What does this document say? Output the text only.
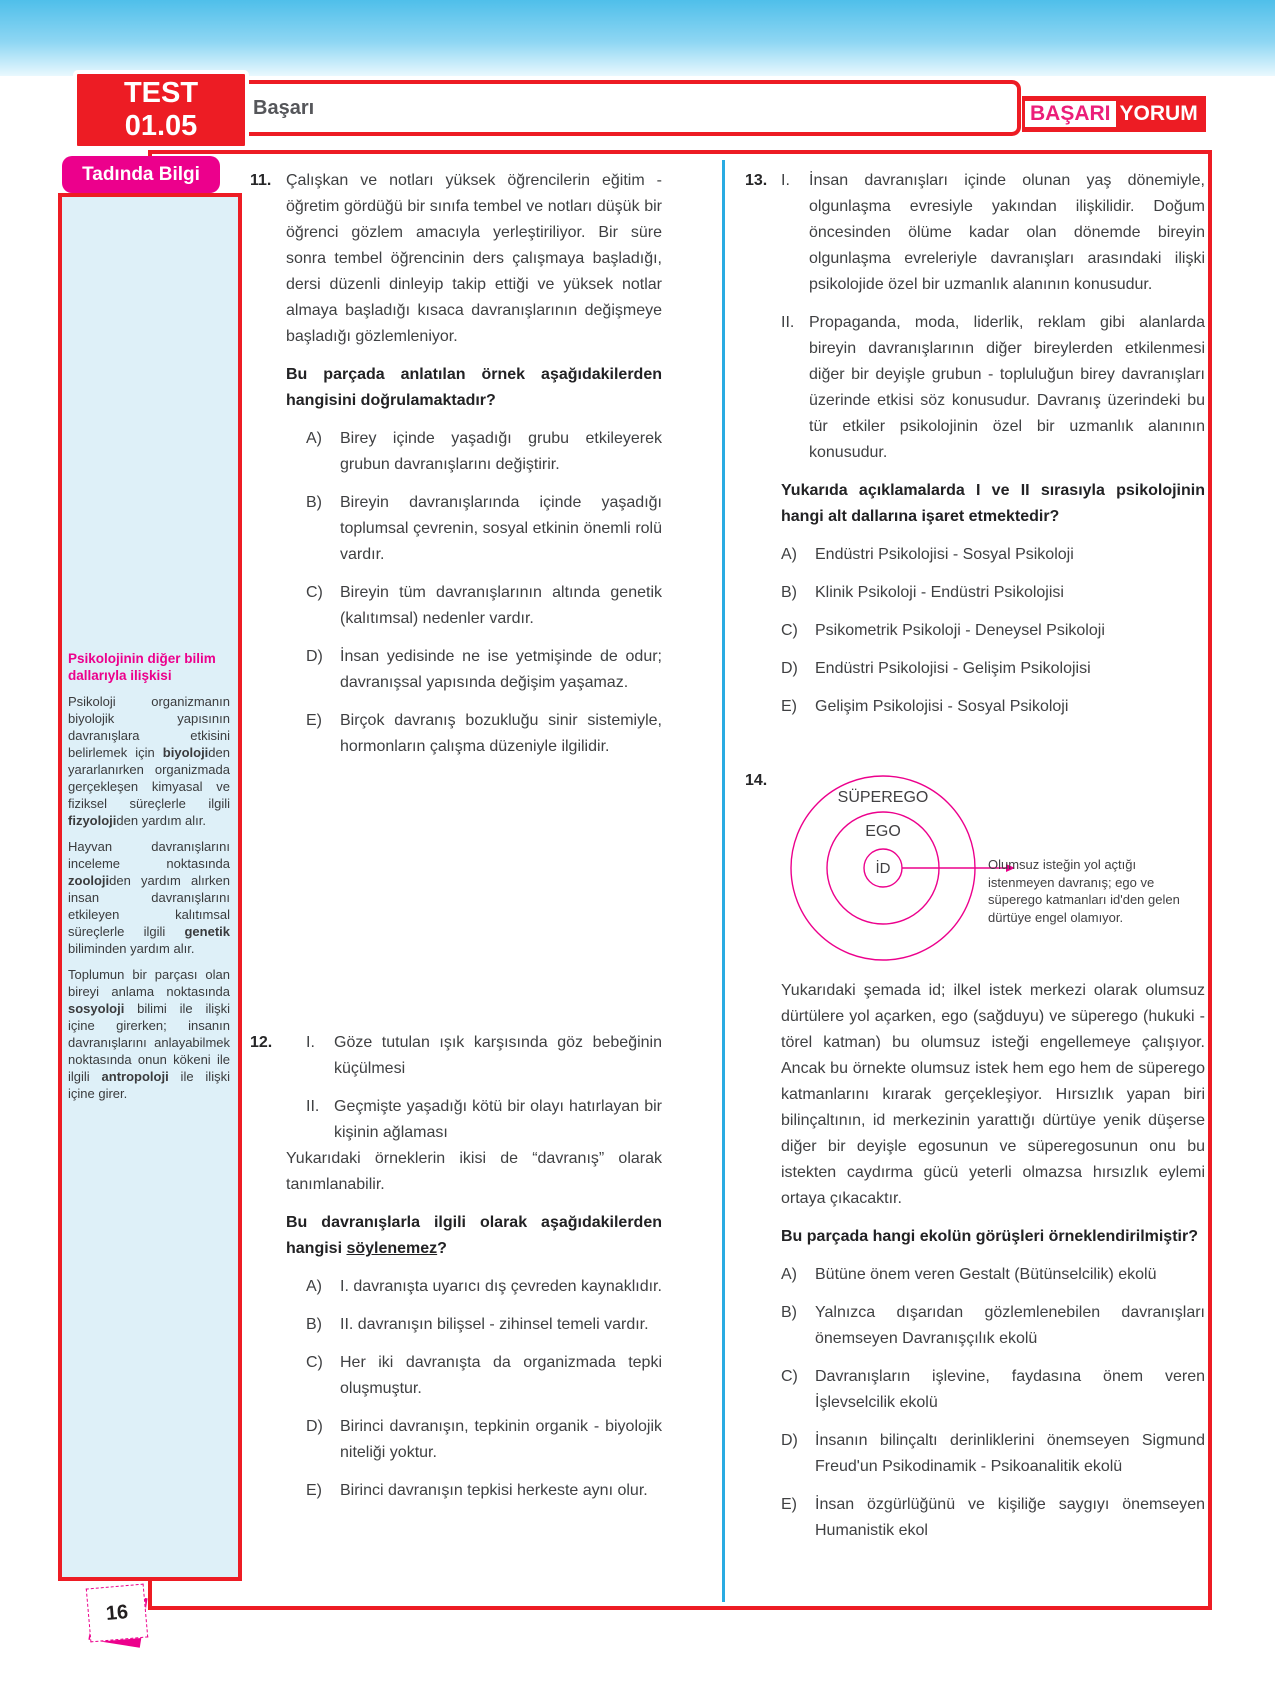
TEST
01.05
Başarı	BAŞARI YORUM
Tadında Bilgi
Psikolojinin diğer bilim dallarıyla ilişkisi

Psikoloji organizmanın biyolojik yapısının davranışlara etkisini belirlemek için biyolojiden yararlanırken organizmada gerçekleşen kimyasal ve fiziksel süreçlerle ilgili fizyolojiden yardım alır.

Hayvan davranışlarını inceleme noktasında zoolojiden yardım alırken insan davranışlarını etkileyen kalıtımsal süreçlerle ilgili genetik biliminden yardım alır.

Toplumun bir parçası olan bireyi anlama noktasında sosyoloji bilimi ile ilişki içine girerken; insanın davranışlarını anlayabilmek noktasında onun kökeni ile ilgili antropoloji ile ilişki içine girer.

11. Çalışkan ve notları yüksek öğrencilerin eğitim - öğretim gördüğü bir sınıfa tembel ve notları düşük bir öğrenci gözlem amacıyla yerleştiriliyor. Bir süre sonra tembel öğrencinin ders çalışmaya başladığı, dersi düzenli dinleyip takip ettiği ve yüksek notlar almaya başladığı kısaca davranışlarının değişmeye başladığı gözlemleniyor.

Bu parçada anlatılan örnek aşağıdakilerden hangisini doğrulamaktadır?

A)	Birey içinde yaşadığı grubu etkileyerek grubun davranışlarını değiştirir.
B)	Bireyin davranışlarında içinde yaşadığı toplumsal çevrenin, sosyal etkinin önemli rolü vardır.
C)	Bireyin tüm davranışlarının altında genetik (kalıtımsal) nedenler vardır.
D)	İnsan yedisinde ne ise yetmişinde de odur; davranışsal yapısında değişim yaşamaz.
E)	Birçok davranış bozukluğu sinir sistemiyle, hormonların çalışma düzeniyle ilgilidir.
12.	I.	Göze tutulan ışık karşısında göz bebeğinin küçülmesi
II. Geçmişte yaşadığı kötü bir olayı hatırlayan bir kişinin ağlaması

Yukarıdaki örneklerin ikisi de “davranış” olarak tanımlanabilir.

Bu davranışlarla ilgili olarak aşağıdakilerden hangisi söylenemez?

A)	I. davranışta uyarıcı dış çevreden kaynaklıdır.
B)	II. davranışın bilişsel - zihinsel temeli vardır.
C)	Her iki davranışta da organizmada tepki oluşmuştur.
D)	Birinci davranışın, tepkinin organik - biyolojik niteliği yoktur.
E)	Birinci davranışın tepkisi herkeste aynı olur.
13. I.	İnsan davranışları içinde olunan yaş dönemiyle, olgunlaşma evresiyle yakından ilişkilidir. Doğum öncesinden ölüme kadar olan dönemde bireyin olgunlaşma evreleriyle davranışları arasındaki ilişki psikolojide özel bir uzmanlık alanının konusudur.
II. Propaganda, moda, liderlik, reklam gibi alanlarda bireyin davranışlarının diğer bireylerden etkilenmesi diğer bir deyişle grubun - topluluğun birey davranışları üzerinde etkisi söz konusudur. Davranış üzerindeki bu tür etkiler psikolojinin özel bir uzmanlık alanının konusudur.

Yukarıda açıklamalarda I ve II sırasıyla psikolojinin hangi alt dallarına işaret etmektedir?

A)	Endüstri Psikolojisi - Sosyal Psikoloji
B)	Klinik Psikoloji - Endüstri Psikolojisi
C)	Psikometrik Psikoloji - Deneysel Psikoloji
D)	Endüstri Psikolojisi - Gelişim Psikolojisi
E)	Gelişim Psikolojisi - Sosyal Psikoloji
14.
SÜPEREGO
EGO
İD

Yukarıdaki şemada id; ilkel istek merkezi olarak olumsuz dürtülere yol açarken, ego (sağduyu) ve süperego (hukuki - törel katman) bu olumsuz isteği engellemeye çalışıyor. Ancak bu örnekte olumsuz istek hem ego hem de süperego katmanlarını kırarak gerçekleşiyor. Hırsızlık yapan biri bilinçaltının, id merkezinin yarattığı dürtüye yenik düşerse diğer bir deyişle egosunun ve süperegosunun onu bu istekten caydırma gücü yeterli olmazsa hırsızlık eylemi ortaya çıkacaktır.

Bu parçada hangi ekolün görüşleri örneklendirilmiştir?

A)	Bütüne önem veren Gestalt (Bütünselcilik) ekolü
B)	Yalnızca dışarıdan gözlemlenebilen davranışları önemseyen Davranışçılık ekolü
C)	Davranışların işlevine, faydasına önem veren İşlevselcilik ekolü
D)	İnsanın bilinçaltı derinliklerini önemseyen Sigmund Freud'un Psikodinamik - Psikoanalitik ekolü
E)	İnsan özgürlüğünü ve kişiliğe saygıyı önemseyen Humanistik ekol
Olumsuz isteğin yol açtığı istenmeyen davranış; ego ve süperego katmanları id'den gelen dürtüye engel olamıyor.
16
